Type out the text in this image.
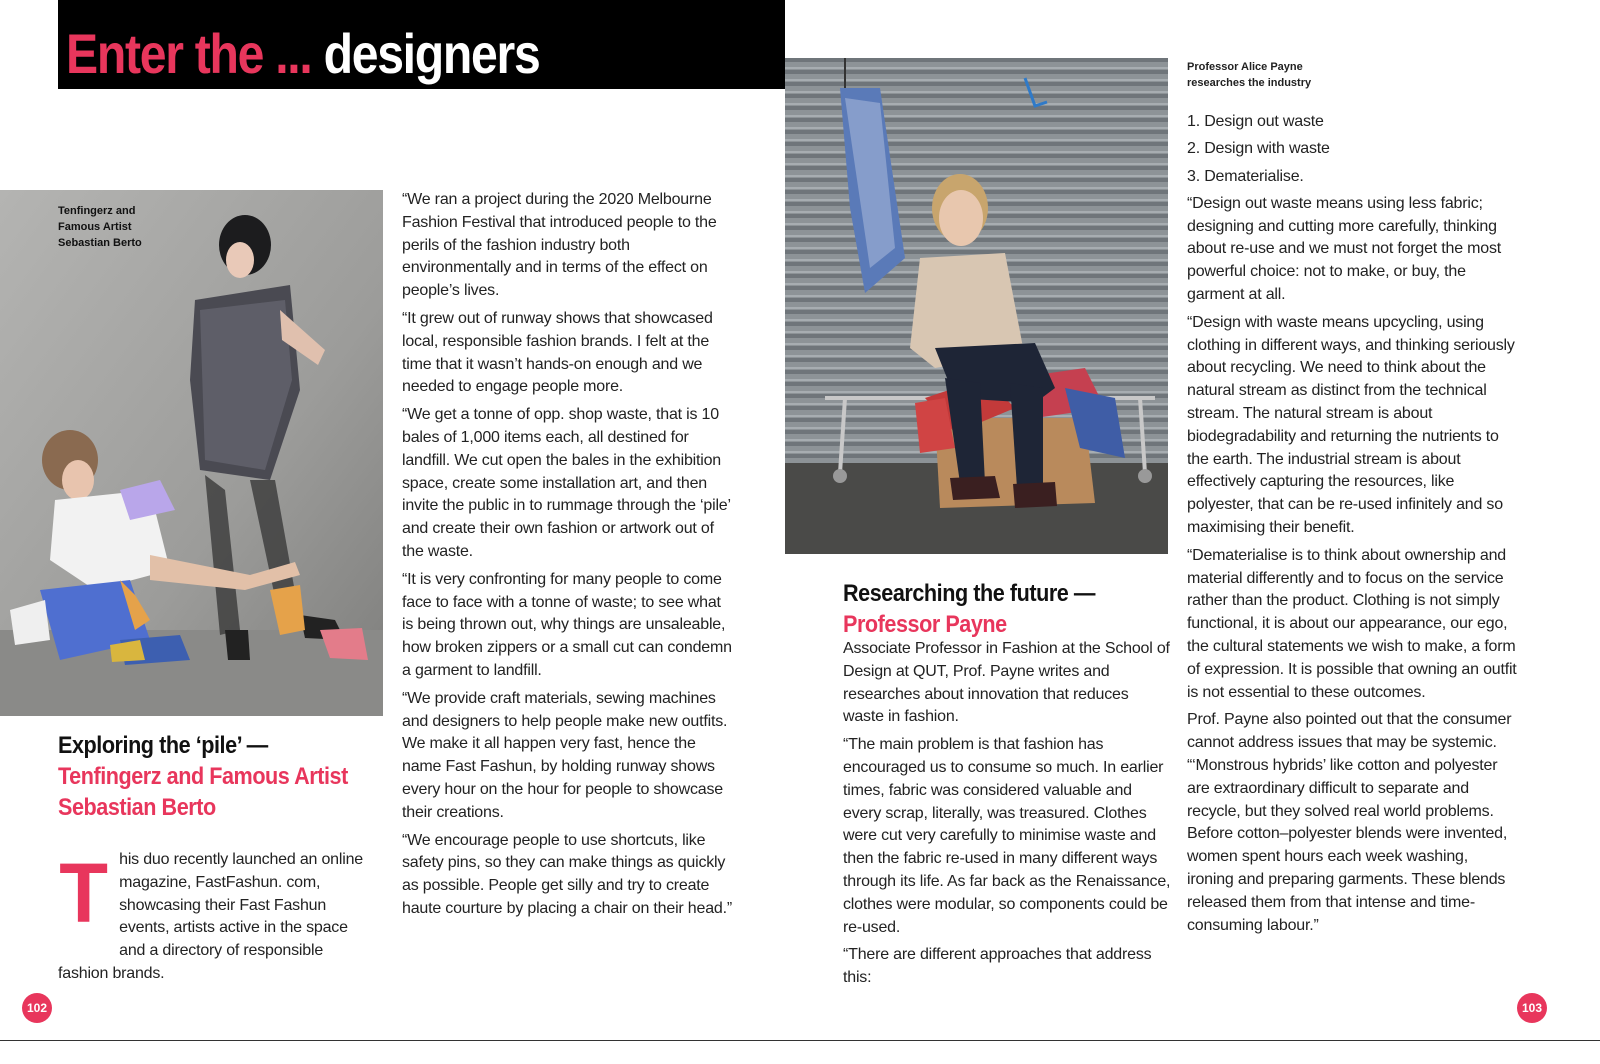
Enter the ... designers
Tenfingerz and Famous Artist Sebastian Berto
Exploring the ‘pile’ —
Tenfingerz and Famous Artist Sebastian Berto
T his duo recently launched an online magazine, FastFashun. com, showcasing their Fast Fashun events, artists active in the space and a directory of responsible fashion brands.

“We ran a project during the 2020 Melbourne Fashion Festival that introduced people to the perils of the fashion industry both environmentally and in terms of the effect on people’s lives.

“It grew out of runway shows that showcased local, responsible fashion brands. I felt at the time that it wasn’t hands-on enough and we needed to engage people more.

“We get a tonne of opp. shop waste, that is 10 bales of 1,000 items each, all destined for landfill. We cut open the bales in the exhibition space, create some installation art, and then invite the public in to rummage through the ‘pile’ and create their own fashion or artwork out of the waste.

“It is very confronting for many people to come face to face with a tonne of waste; to see what is being thrown out, why things are unsaleable, how broken zippers or a small cut can condemn a garment to landfill.

“We provide craft materials, sewing machines and designers to help people make new outfits. We make it all happen very fast, hence the name Fast Fashun, by holding runway shows every hour on the hour for people to showcase their creations.

“We encourage people to use shortcuts, like safety pins, so they can make things as quickly as possible. People get silly and try to create haute courture by placing a chair on their head.”

Professor Alice Payne researches the industry
Researching the future —
Professor Payne

Associate Professor in Fashion at the School of Design at QUT, Prof. Payne writes and researches about innovation that reduces waste in fashion.

“The main problem is that fashion has encouraged us to consume so much. In earlier times, fabric was considered valuable and every scrap, literally, was treasured. Clothes were cut very carefully to minimise waste and then the fabric re-used in many different ways through its life. As far back as the Renaissance, clothes were modular, so components could be re-used.

“There are different approaches that address this:

1. Design out waste

2. Design with waste

3. Dematerialise.

“Design out waste means using less fabric; designing and cutting more carefully, thinking about re-use and we must not forget the most powerful choice: not to make, or buy, the garment at all.

“Design with waste means upcycling, using clothing in different ways, and thinking seriously about recycling. We need to think about the natural stream as distinct from the technical stream. The natural stream is about biodegradability and returning the nutrients to the earth. The industrial stream is about effectively capturing the resources, like polyester, that can be re-used infinitely and so maximising their benefit.

“Dematerialise is to think about ownership and material differently and to focus on the service rather than the product. Clothing is not simply functional, it is about our appearance, our ego, the cultural statements we wish to make, a form of expression. It is possible that owning an outfit is not essential to these outcomes.

Prof. Payne also pointed out that the consumer cannot address issues that may be systemic. “‘Monstrous hybrids’ like cotton and polyester are extraordinary difficult to separate and recycle, but they solved real world problems. Before cotton–polyester blends were invented, women spent hours each week washing, ironing and preparing garments. These blends released them from that intense and time-consuming labour.”

102	103
